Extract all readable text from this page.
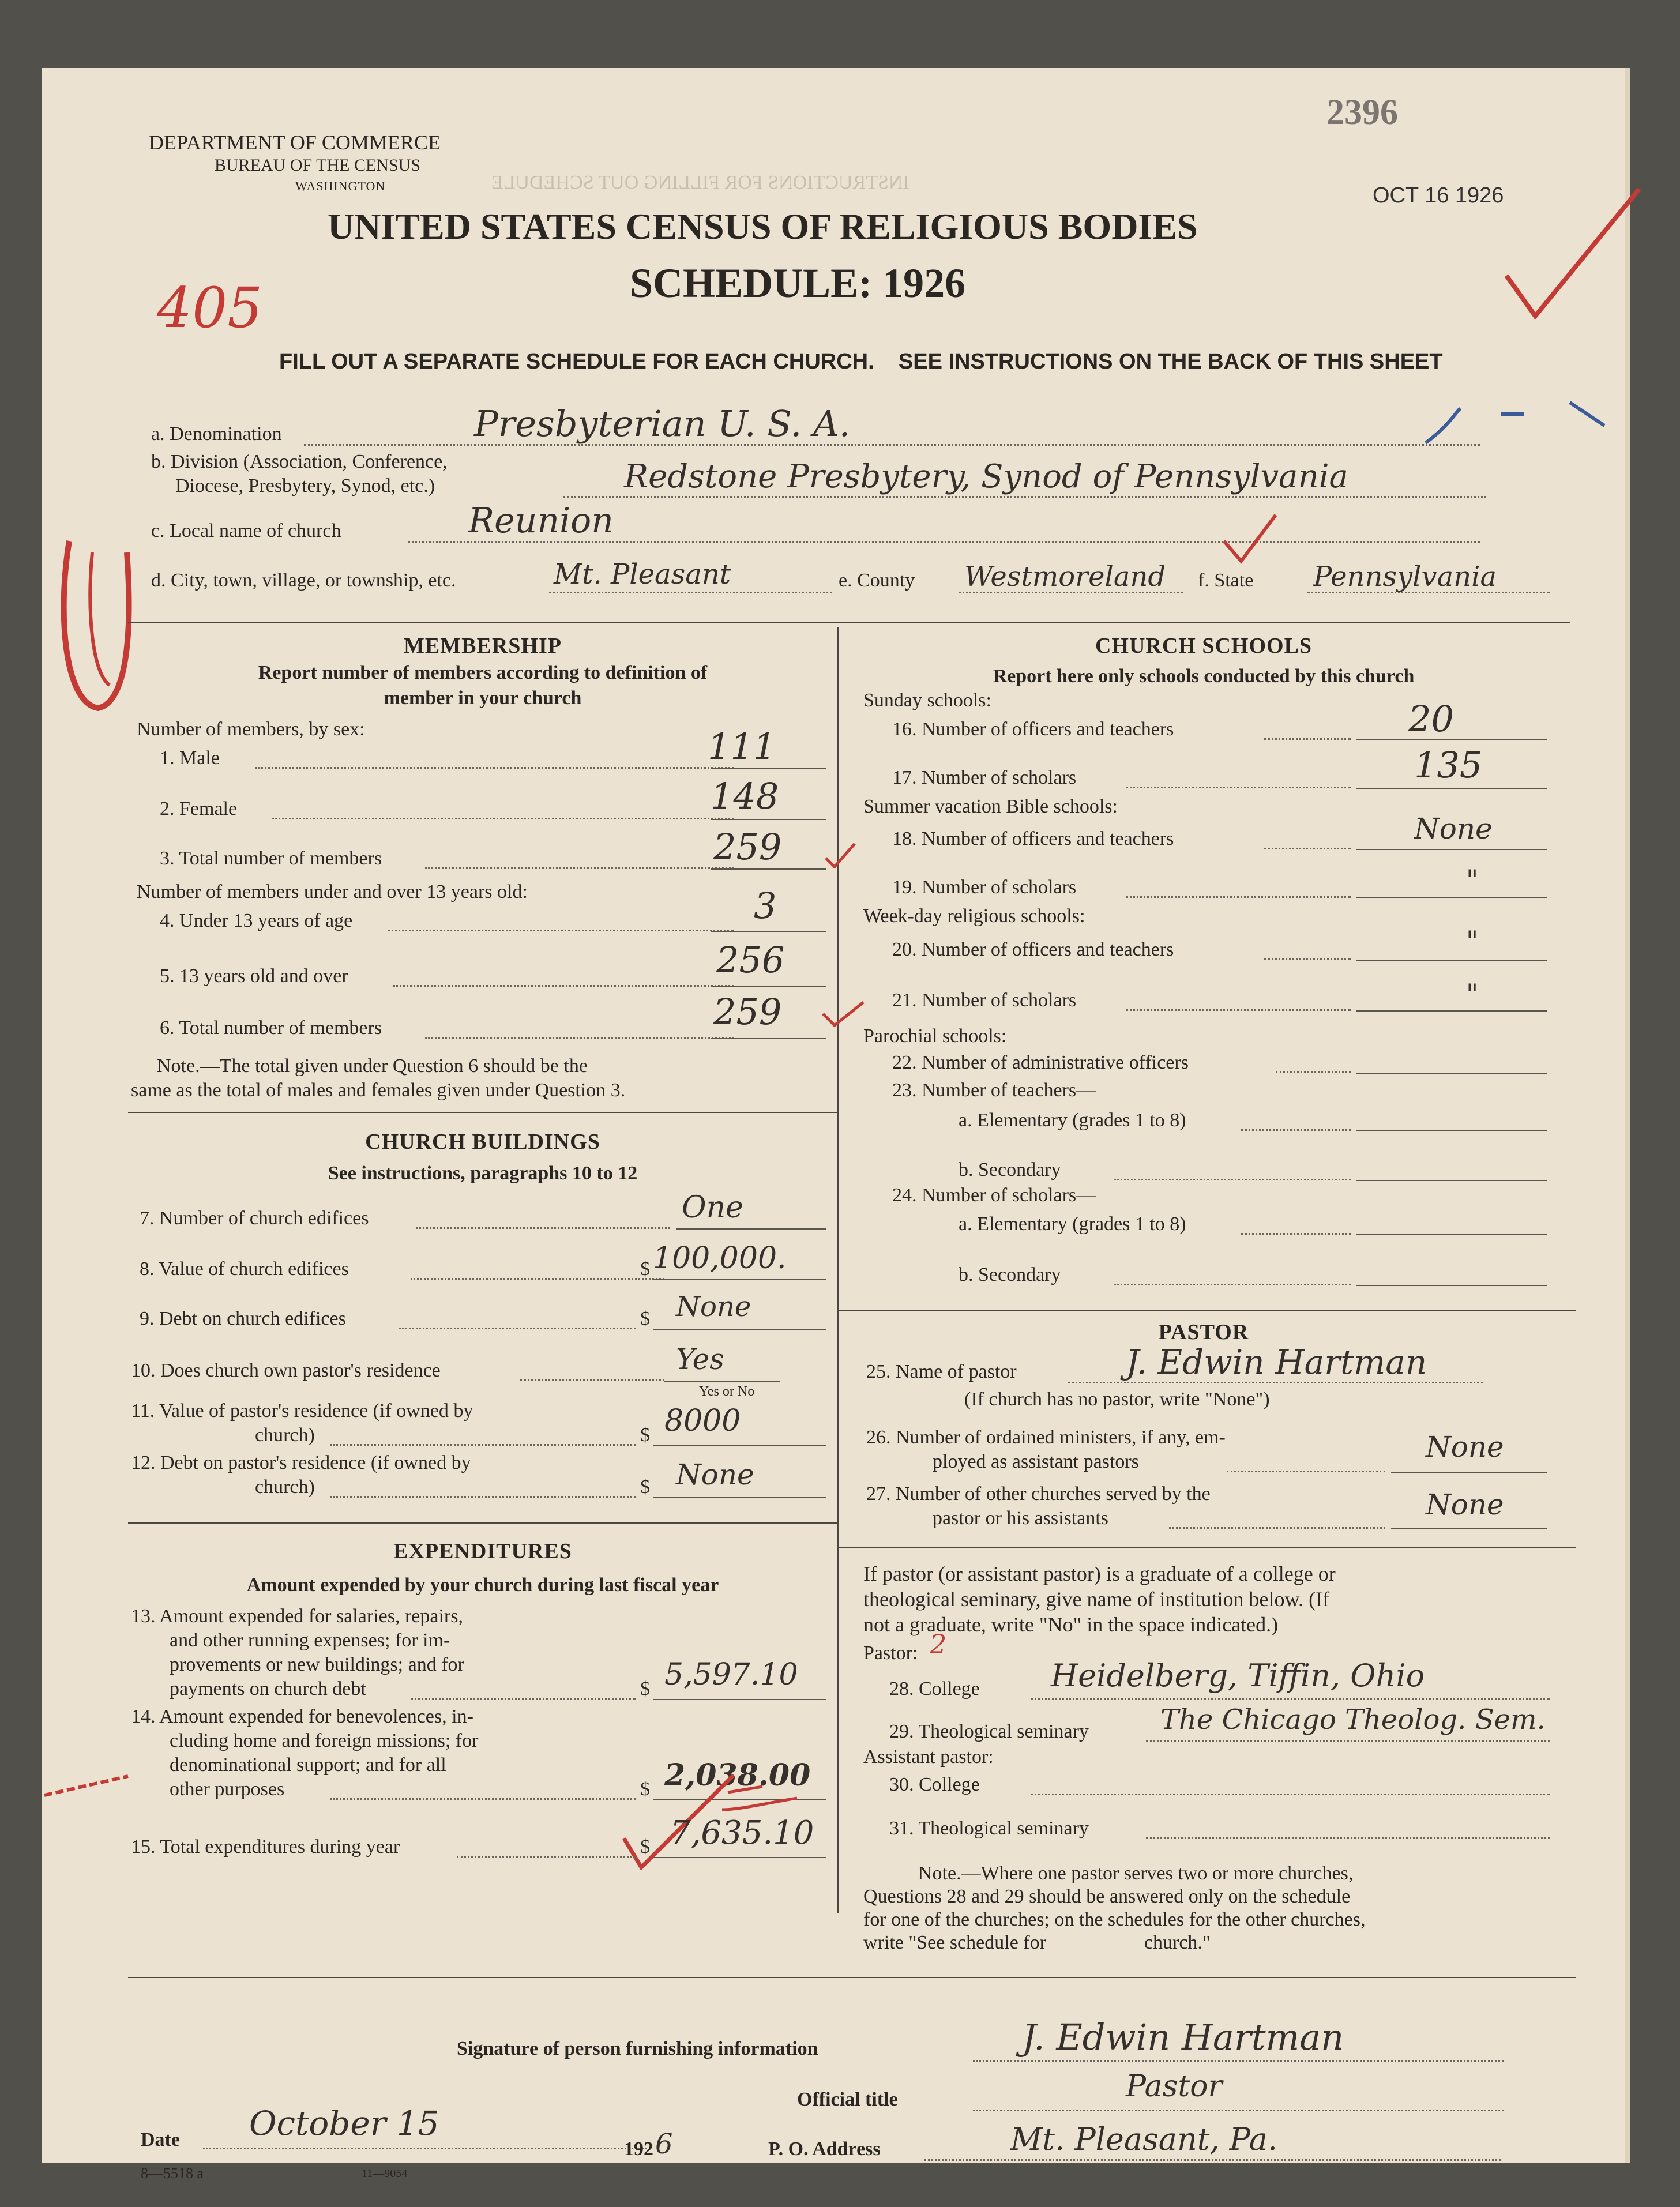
INSTRUCTIONS FOR FILLING OUT SCHEDULE
2396
OCT 16 1926
405
DEPARTMENT OF COMMERCE
BUREAU OF THE CENSUS
WASHINGTON
UNITED STATES CENSUS OF RELIGIOUS BODIES
SCHEDULE: 1926
FILL OUT A SEPARATE SCHEDULE FOR EACH CHURCH.    SEE INSTRUCTIONS ON THE BACK OF THIS SHEET
a. Denomination	Presbyterian U. S. A.
b. Division (Association, Conference,
Diocese, Presbytery, Synod, etc.)	Redstone Presbytery, Synod of Pennsylvania
c. Local name of church	Reunion
d. City, town, village, or township, etc.	Mt. Pleasant	e. County Westmoreland f. State Pennsylvania
MEMBERSHIP
Report number of members according to definition of
member in your church
Number of members, by sex:
1. Male	111
2. Female	148
3. Total number of members	259
Number of members under and over 13 years old:
4. Under 13 years of age	3
5. 13 years old and over	256
6. Total number of members	259
Note.—The total given under Question 6 should be the
same as the total of males and females given under Question 3.
CHURCH BUILDINGS
See instructions, paragraphs 10 to 12
7. Number of church edifices	One
8. Value of church edifices	$ 100,000.
9. Debt on church edifices	$ None
10. Does church own pastor's residence	Yes
Yes or No
11. Value of pastor's residence (if owned by
church)	$ 8000
12. Debt on pastor's residence (if owned by
church)	$ None
EXPENDITURES
Amount expended by your church during last fiscal year
13. Amount expended for salaries, repairs,
and other running expenses; for im-
provements or new buildings; and for
payments on church debt	$ 5,597.10
14. Amount expended for benevolences, in-
cluding home and foreign missions; for
denominational support; and for all
other purposes	$ 2,038.00
15. Total expenditures during year	$ 7,635.10
CHURCH SCHOOLS
Report here only schools conducted by this church
Sunday schools:
16. Number of officers and teachers	20
17. Number of scholars	135
Summer vacation Bible schools:
18. Number of officers and teachers	None
19. Number of scholars	"
Week-day religious schools:
20. Number of officers and teachers	"
21. Number of scholars	"
Parochial schools:
22. Number of administrative officers
23. Number of teachers—
a. Elementary (grades 1 to 8)
b. Secondary
24. Number of scholars—
a. Elementary (grades 1 to 8)
b. Secondary
PASTOR
25. Name of pastor	J. Edwin Hartman
(If church has no pastor, write "None")
26. Number of ordained ministers, if any, em-
ployed as assistant pastors	None
27. Number of other churches served by the
pastor or his assistants	None
If pastor (or assistant pastor) is a graduate of a college or
theological seminary, give name of institution below. (If
not a graduate, write "No" in the space indicated.)
Pastor: 2
28. College Heidelberg, Tiffin, Ohio
29. Theological seminary	The Chicago Theolog. Sem.
Assistant pastor:
30. College
31. Theological seminary
Note.—Where one pastor serves two or more churches,
Questions 28 and 29 should be answered only on the schedule
for one of the churches; on the schedules for the other churches,
write "See schedule for                    church."
Signature of person furnishing information	J. Edwin Hartman
Official title	Pastor
Date October 15
192 6	P. O. Address	Mt. Pleasant, Pa.
8—5518 a	11—9054
